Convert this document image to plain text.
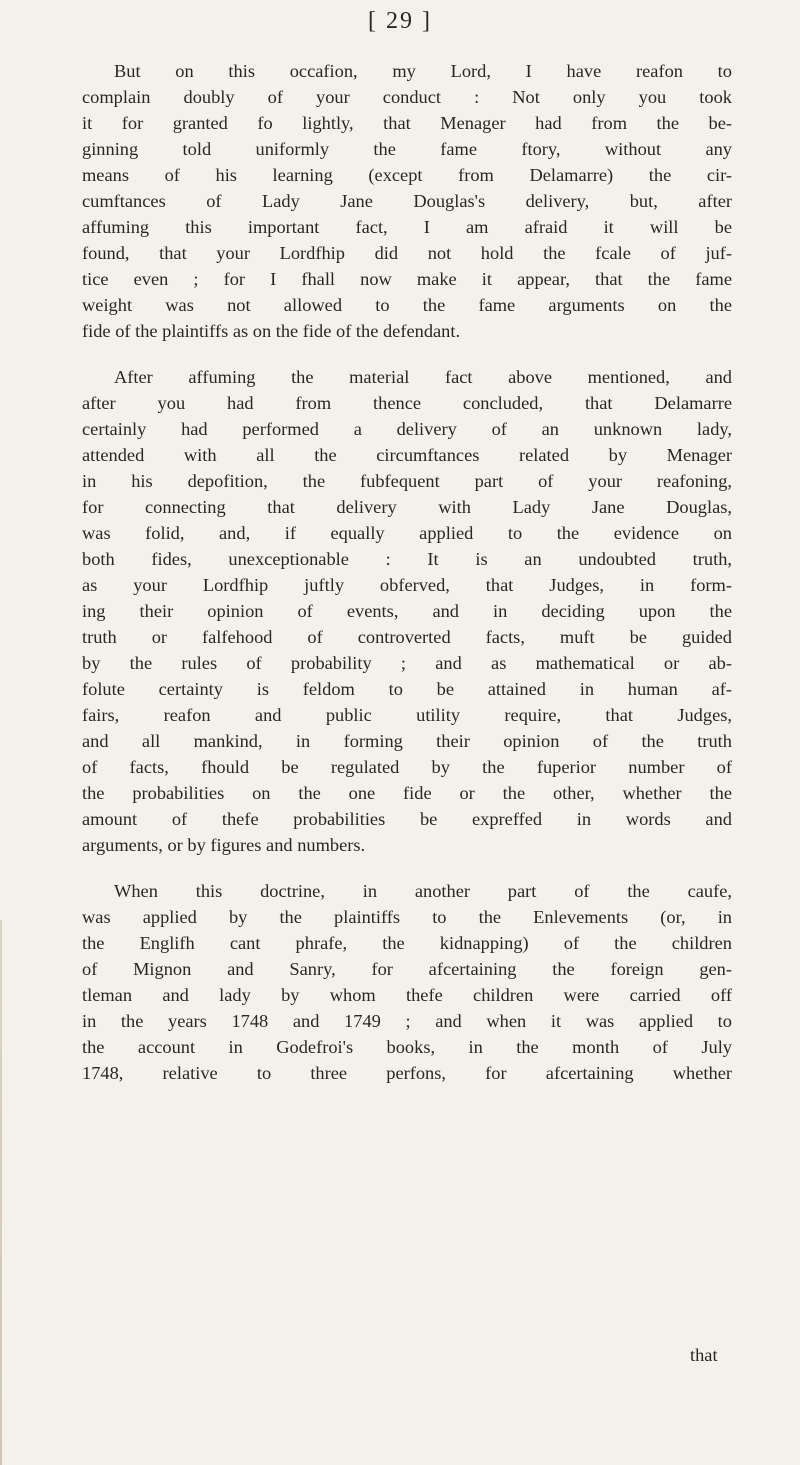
[ 29 ]

But on this occafion, my Lord, I have reafon to
complain doubly of your conduct : Not only you took
it for granted fo lightly, that Menager had from the be-
ginning told uniformly the fame ftory, without any
means of his learning (except from Delamarre) the cir-
cumftances of Lady Jane Douglas's delivery, but, after
affuming this important fact, I am afraid it will be
found, that your Lordfhip did not hold the fcale of juf-
tice even ; for I fhall now make it appear, that the fame
weight was not allowed to the fame arguments on the
fide of the plaintiffs as on the fide of the defendant.

After affuming the material fact above mentioned, and
after you had from thence concluded, that Delamarre
certainly had performed a delivery of an unknown lady,
attended with all the circumftances related by Menager
in his depofition, the fubfequent part of your reafoning,
for connecting that delivery with Lady Jane Douglas,
was folid, and, if equally applied to the evidence on
both fides, unexceptionable : It is an undoubted truth,
as your Lordfhip juftly obferved, that Judges, in form-
ing their opinion of events, and in deciding upon the
truth or falfehood of controverted facts, muft be guided
by the rules of probability ; and as mathematical or ab-
folute certainty is feldom to be attained in human af-
fairs, reafon and public utility require, that Judges,
and all mankind, in forming their opinion of the truth
of facts, fhould be regulated by the fuperior number of
the probabilities on the one fide or the other, whether the
amount of thefe probabilities be expreffed in words and
arguments, or by figures and numbers.

When this doctrine, in another part of the caufe,
was applied by the plaintiffs to the Enlevements (or, in
the Englifh cant phrafe, the kidnapping) of the children
of Mignon and Sanry, for afcertaining the foreign gen-
tleman and lady by whom thefe children were carried off
in the years 1748 and 1749 ; and when it was applied to
the account in Godefroi's books, in the month of July
1748, relative to three perfons, for afcertaining whether

that
